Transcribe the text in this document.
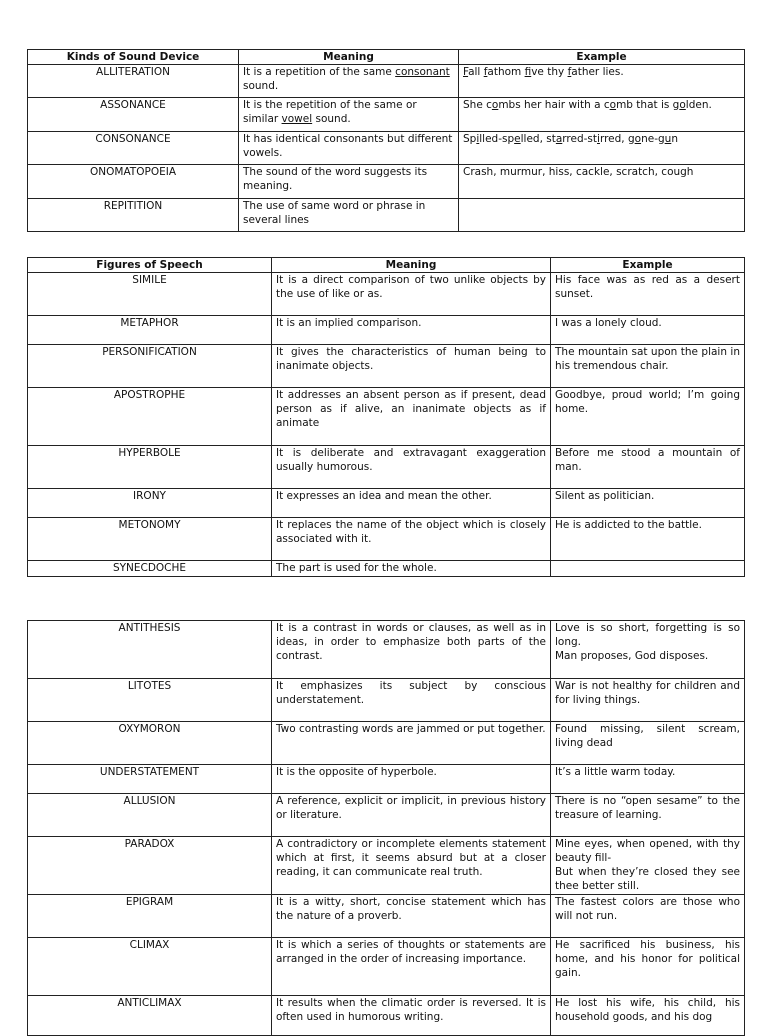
Kinds of Sound Device	Meaning	Example
ALLITERATION	It is a repetition of the same consonant sound.	Fall fathom five thy father lies.
ASSONANCE	It is the repetition of the same or similar vowel sound.	She combs her hair with a comb that is golden.
CONSONANCE	It has identical consonants but different vowels.	Spilled-spelled, starred-stirred, gone-gun
ONOMATOPOEIA	The sound of the word suggests its meaning.	Crash, murmur, hiss, cackle, scratch, cough
REPITITION	The use of same word or phrase in several lines	
Figures of Speech	Meaning	Example
SIMILE	It is a direct comparison of two unlike objects by the use of like or as.	His face was as red as a desert sunset.
METAPHOR	It is an implied comparison.	I was a lonely cloud.
PERSONIFICATION	It gives the characteristics of human being to inanimate objects.	The mountain sat upon the plain in his tremendous chair.
APOSTROPHE	It addresses an absent person as if present, dead person as if alive, an inanimate objects as if animate	Goodbye, proud world; I’m going home.
HYPERBOLE	It is deliberate and extravagant exaggeration usually humorous.	Before me stood a mountain of man.
IRONY	It expresses an idea and mean the other.	Silent as politician.
METONOMY	It replaces the name of the object which is closely associated with it.	He is addicted to the battle.
SYNECDOCHE	The part is used for the whole.	
ANTITHESIS	It is a contrast in words or clauses, as well as in ideas, in order to emphasize both parts of the contrast.	Love is so short, forgetting is so long.
Man proposes, God disposes.

LITOTES	It emphasizes its subject by conscious understatement.	War is not healthy for children and for living things.

OXYMORON	Two contrasting words are jammed or put together.	Found missing, silent scream, living dead

UNDERSTATEMENT	It is the opposite of hyperbole.	It’s a little warm today.

ALLUSION	A reference, explicit or implicit, in previous history or literature.	There is no “open sesame” to the treasure of learning.

PARADOX	A contradictory or incomplete elements statement which at first, it seems absurd but at a closer reading, it can communicate real truth.	Mine eyes, when opened, with thy beauty fill-
But when they’re closed they see thee better still.

EPIGRAM	It is a witty, short, concise statement which has the nature of a proverb.	The fastest colors are those who will not run.

CLIMAX	It is which a series of thoughts or statements are arranged in the order of increasing importance.	He sacrificed his business, his home, and his honor for political gain.

ANTICLIMAX	It results when the climatic order is reversed. It is often used in humorous writing.	He lost his wife, his child, his household goods, and his dog
